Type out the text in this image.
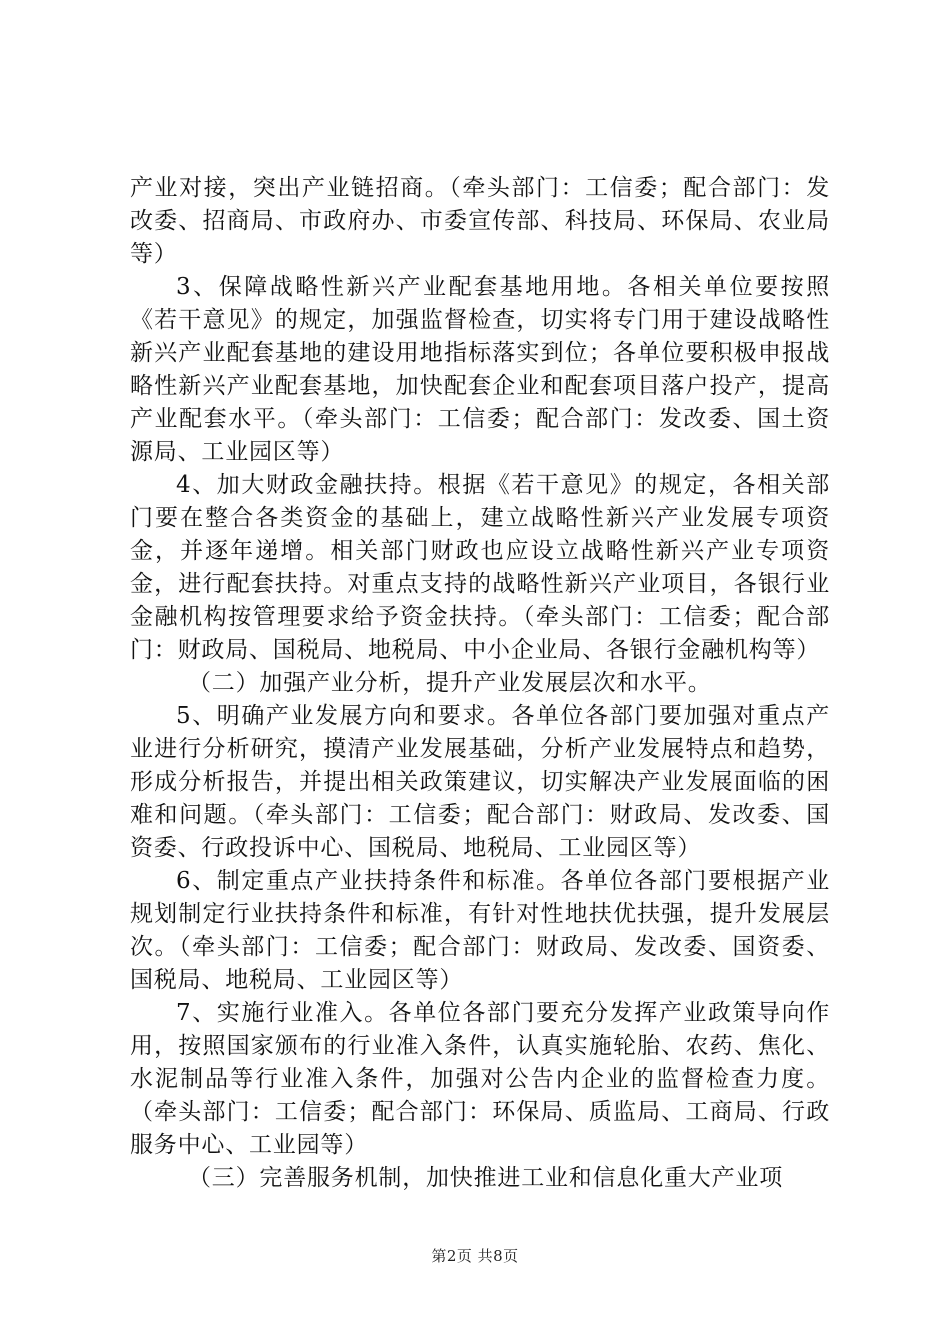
产业对接，突出产业链招商。（牵头部门：工信委；配合部门：发改委、招商局、市政府办、市委宣传部、科技局、环保局、农业局等）

3、保障战略性新兴产业配套基地用地。各相关单位要按照《若干意见》的规定，加强监督检查，切实将专门用于建设战略性新兴产业配套基地的建设用地指标落实到位；各单位要积极申报战略性新兴产业配套基地，加快配套企业和配套项目落户投产，提高产业配套水平。（牵头部门：工信委；配合部门：发改委、国土资源局、工业园区等）

4、加大财政金融扶持。根据《若干意见》的规定，各相关部门要在整合各类资金的基础上，建立战略性新兴产业发展专项资金，并逐年递增。相关部门财政也应设立战略性新兴产业专项资金，进行配套扶持。对重点支持的战略性新兴产业项目，各银行业金融机构按管理要求给予资金扶持。（牵头部门：工信委；配合部门：财政局、国税局、地税局、中小企业局、各银行金融机构等）

（二）加强产业分析，提升产业发展层次和水平。

5、明确产业发展方向和要求。各单位各部门要加强对重点产业进行分析研究，摸清产业发展基础，分析产业发展特点和趋势，形成分析报告，并提出相关政策建议，切实解决产业发展面临的困难和问题。（牵头部门：工信委；配合部门：财政局、发改委、国资委、行政投诉中心、国税局、地税局、工业园区等）

6、制定重点产业扶持条件和标准。各单位各部门要根据产业规划制定行业扶持条件和标准，有针对性地扶优扶强，提升发展层次。（牵头部门：工信委；配合部门：财政局、发改委、国资委、国税局、地税局、工业园区等）

7、实施行业准入。各单位各部门要充分发挥产业政策导向作用，按照国家颁布的行业准入条件，认真实施轮胎、农药、焦化、水泥制品等行业准入条件，加强对公告内企业的监督检查力度。（牵头部门：工信委；配合部门：环保局、质监局、工商局、行政服务中心、工业园等）

（三）完善服务机制，加快推进工业和信息化重大产业项

第2页 共8页
